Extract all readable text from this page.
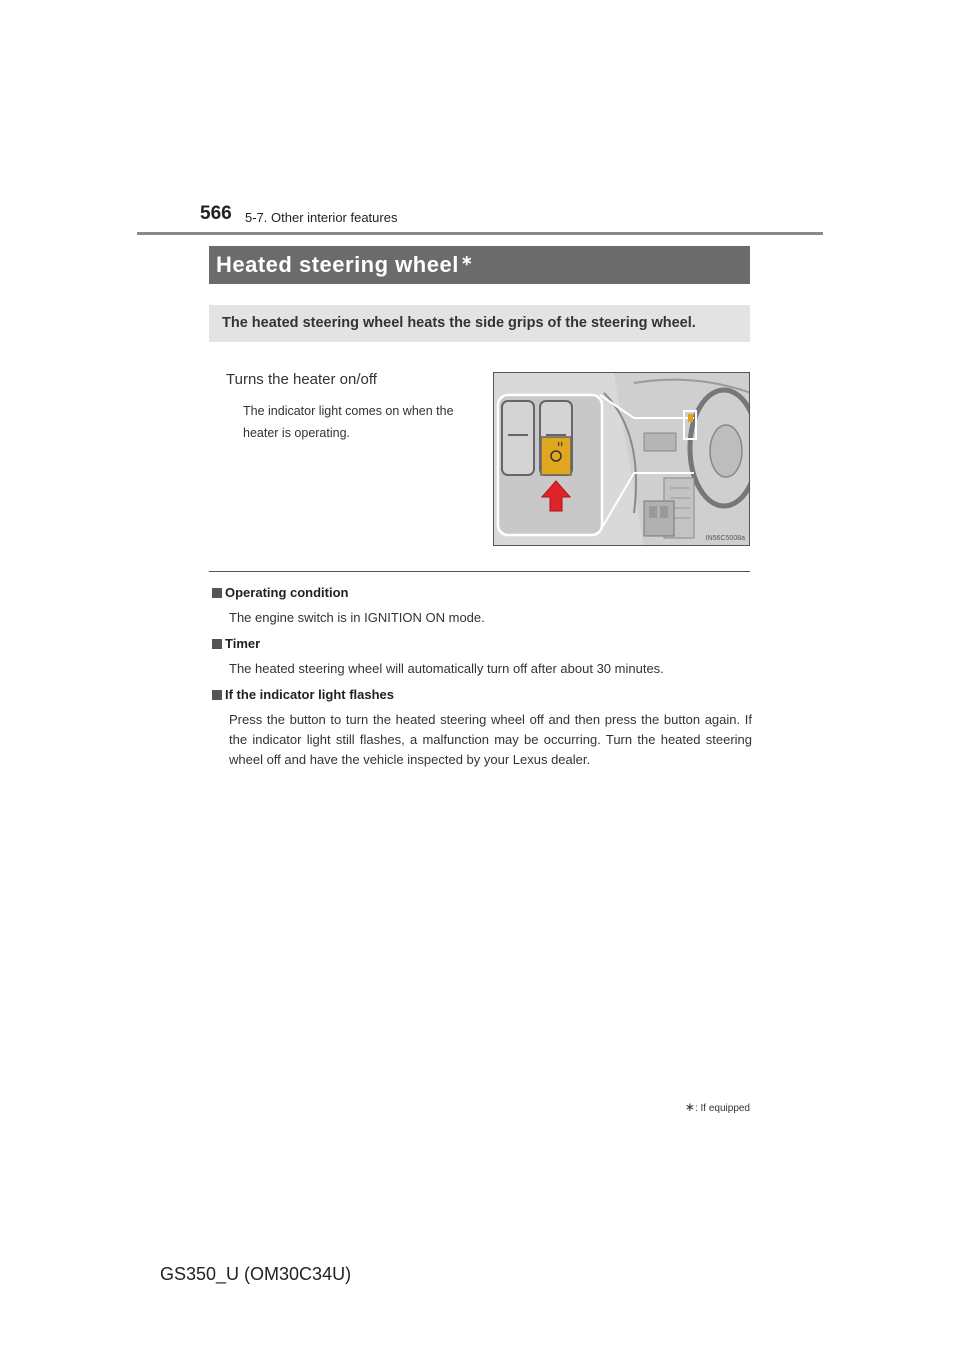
566 5-7. Other interior features
Heated steering wheel ∗
The heated steering wheel heats the side grips of the steering wheel.
Turns the heater on/off
The indicator light comes on when the heater is operating.
IN56C5008a
Operating condition
The engine switch is in IGNITION ON mode.
Timer
The heated steering wheel will automatically turn off after about 30 minutes.
If the indicator light flashes
Press the button to turn the heated steering wheel off and then press the button again. If the indicator light still flashes, a malfunction may be occurring. Turn the heated steering wheel off and have the vehicle inspected by your Lexus dealer.
∗: If equipped
GS350_U (OM30C34U)
